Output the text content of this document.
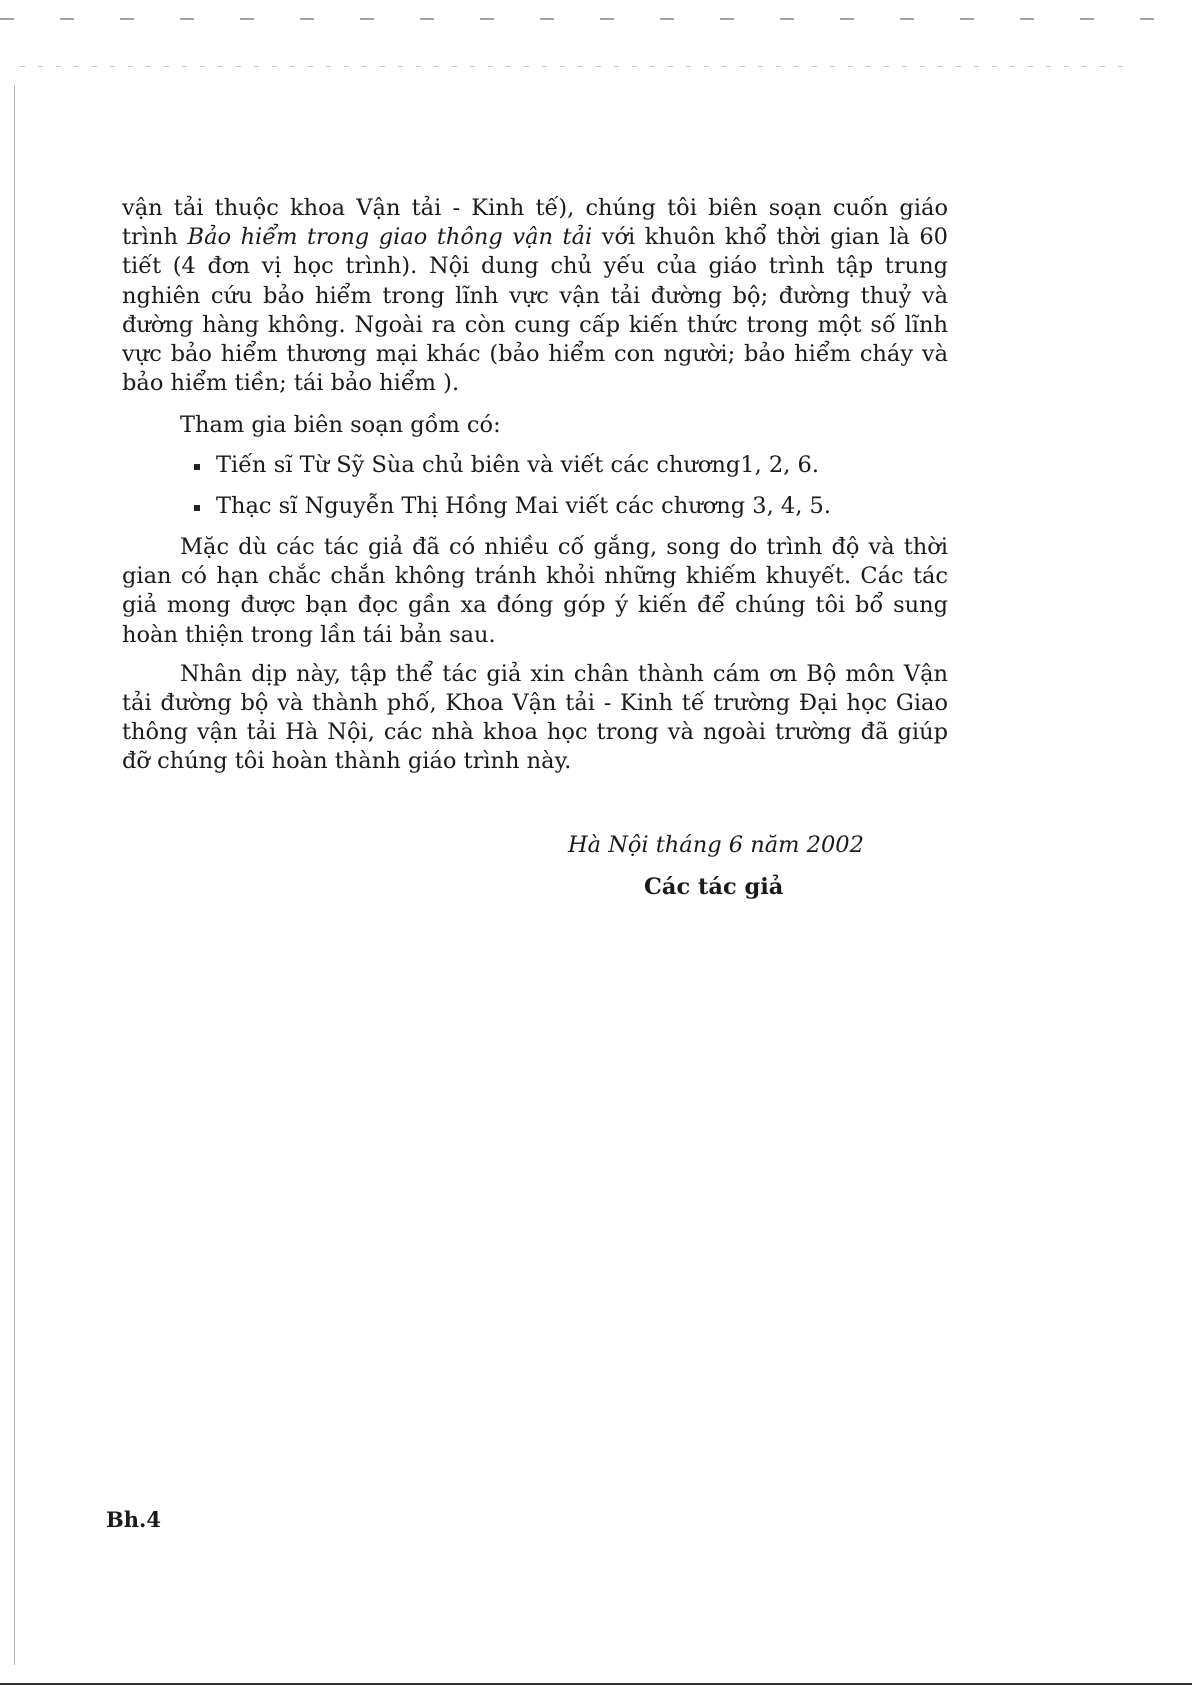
vận tải thuộc khoa Vận tải - Kinh tế), chúng tôi biên soạn cuốn giáo trình Bảo hiểm trong giao thông vận tải với khuôn khổ thời gian là 60 tiết (4 đơn vị học trình). Nội dung chủ yếu của giáo trình tập trung nghiên cứu bảo hiểm trong lĩnh vực vận tải đường bộ; đường thuỷ và đường hàng không. Ngoài ra còn cung cấp kiến thức trong một số lĩnh vực bảo hiểm thương mại khác (bảo hiểm con người; bảo hiểm cháy và bảo hiểm tiền; tái bảo hiểm ).

Tham gia biên soạn gồm có:

Tiến sĩ Từ Sỹ Sùa chủ biên và viết các chương1, 2, 6.
Thạc sĩ Nguyễn Thị Hồng Mai viết các chương 3, 4, 5.

Mặc dù các tác giả đã có nhiều cố gắng, song do trình độ và thời gian có hạn chắc chắn không tránh khỏi những khiếm khuyết. Các tác giả mong được bạn đọc gần xa đóng góp ý kiến để chúng tôi bổ sung hoàn thiện trong lần tái bản sau.

Nhân dịp này, tập thể tác giả xin chân thành cám ơn Bộ môn Vận tải đường bộ và thành phố, Khoa Vận tải - Kinh tế trường Đại học Giao thông vận tải Hà Nội, các nhà khoa học trong và ngoài trường đã giúp đỡ chúng tôi hoàn thành giáo trình này.

Hà Nội tháng 6 năm 2002
Các tác giả
Bh.4
